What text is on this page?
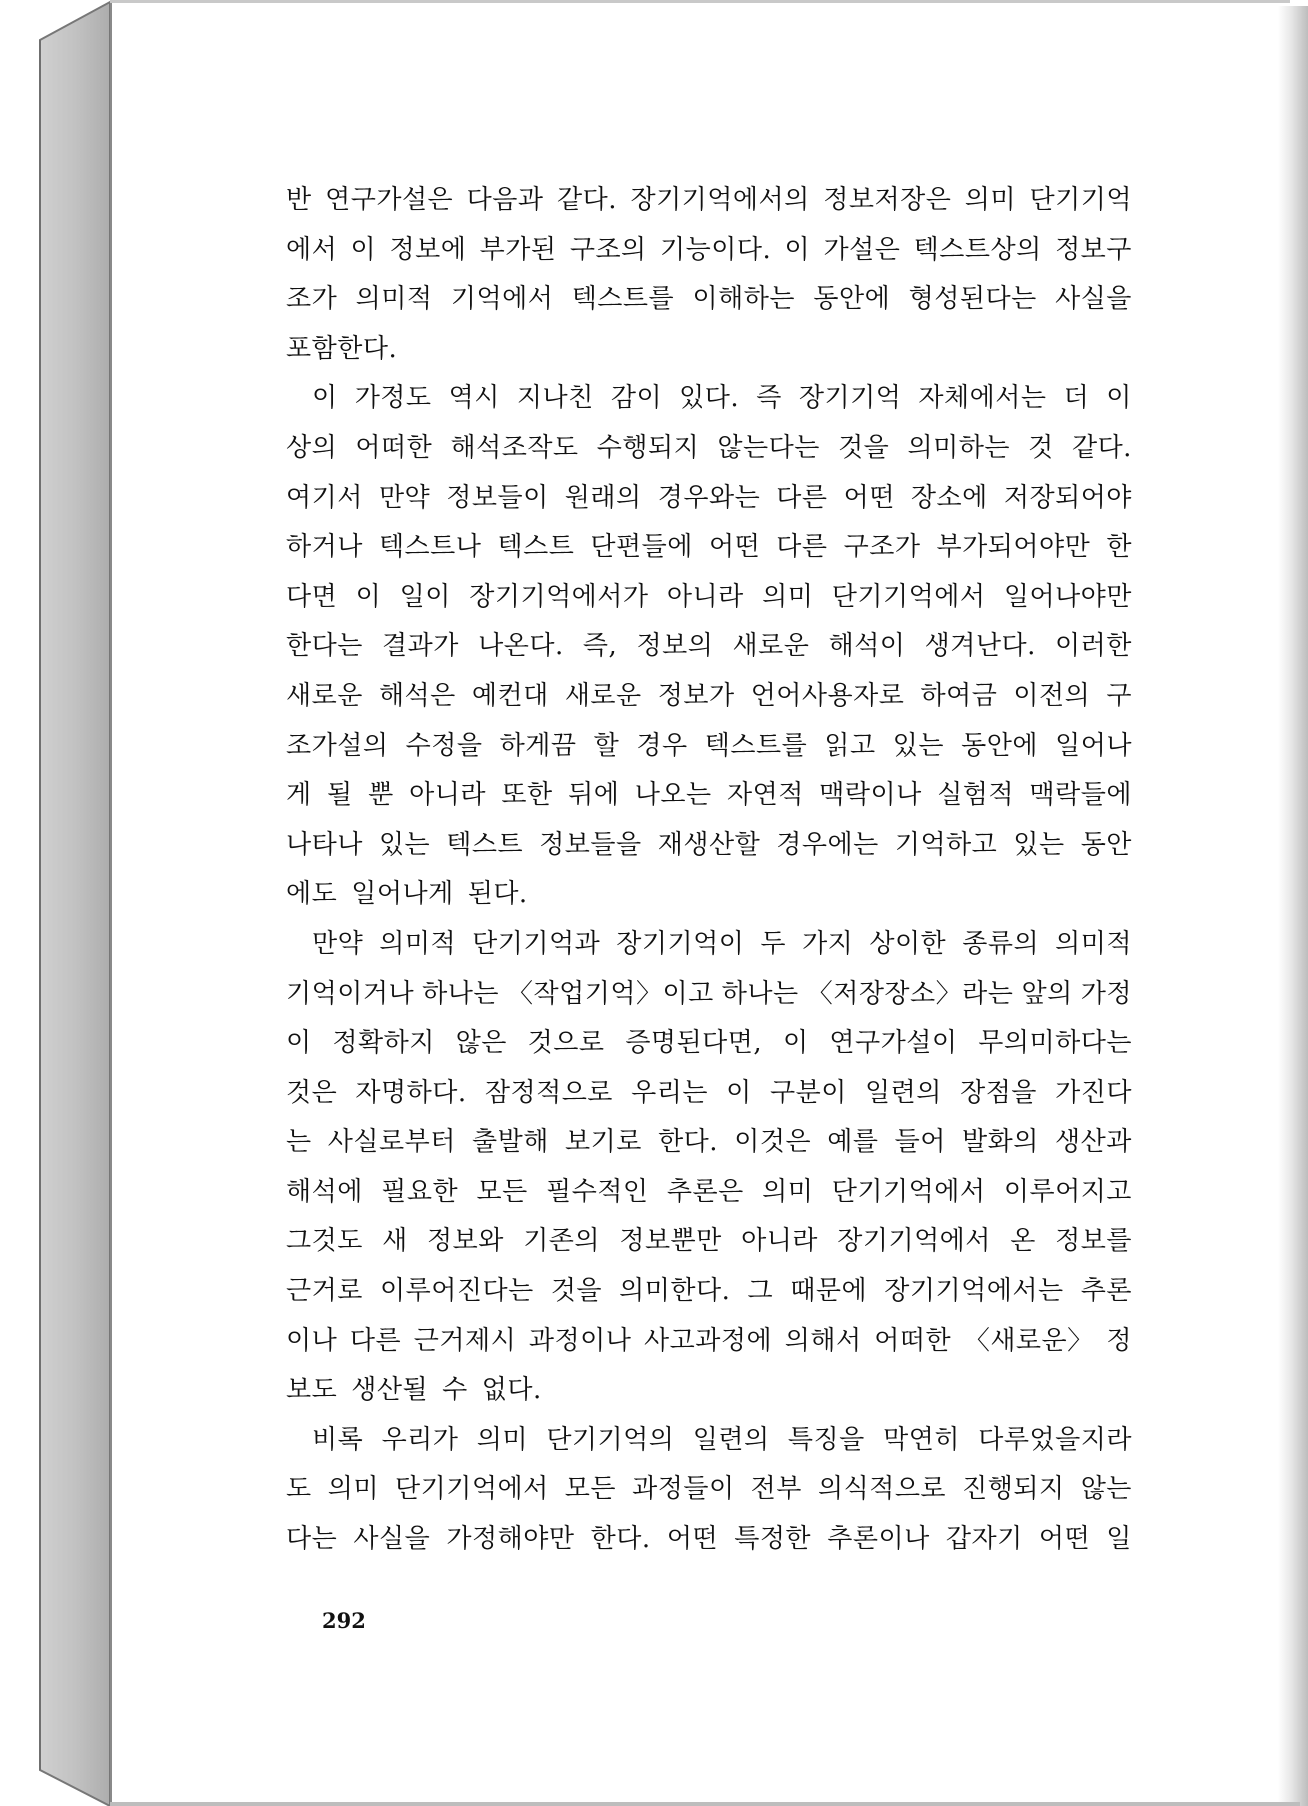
반 연구가설은 다음과 같다. 장기기억에서의 정보저장은 의미 단기기억
에서 이 정보에 부가된 구조의 기능이다. 이 가설은 텍스트상의 정보구
조가 의미적 기억에서 텍스트를 이해하는 동안에 형성된다는 사실을
포함한다.
이 가정도 역시 지나친 감이 있다. 즉 장기기억 자체에서는 더 이
상의 어떠한 해석조작도 수행되지 않는다는 것을 의미하는 것 같다.
여기서 만약 정보들이 원래의 경우와는 다른 어떤 장소에 저장되어야
하거나 텍스트나 텍스트 단편들에 어떤 다른 구조가 부가되어야만 한
다면 이 일이 장기기억에서가 아니라 의미 단기기억에서 일어나야만
한다는 결과가 나온다. 즉, 정보의 새로운 해석이 생겨난다. 이러한
새로운 해석은 예컨대 새로운 정보가 언어사용자로 하여금 이전의 구
조가설의 수정을 하게끔 할 경우 텍스트를 읽고 있는 동안에 일어나
게 될 뿐 아니라 또한 뒤에 나오는 자연적 맥락이나 실험적 맥락들에
나타나 있는 텍스트 정보들을 재생산할 경우에는 기억하고 있는 동안
에도 일어나게 된다.
만약 의미적 단기기억과 장기기억이 두 가지 상이한 종류의 의미적
기억이거나 하나는 〈작업기억〉이고 하나는 〈저장장소〉라는 앞의 가정
이 정확하지 않은 것으로 증명된다면, 이 연구가설이 무의미하다는
것은 자명하다. 잠정적으로 우리는 이 구분이 일련의 장점을 가진다
는 사실로부터 출발해 보기로 한다. 이것은 예를 들어 발화의 생산과
해석에 필요한 모든 필수적인 추론은 의미 단기기억에서 이루어지고
그것도 새 정보와 기존의 정보뿐만 아니라 장기기억에서 온 정보를
근거로 이루어진다는 것을 의미한다. 그 때문에 장기기억에서는 추론
이나 다른 근거제시 과정이나 사고과정에 의해서 어떠한 〈새로운〉 정
보도 생산될 수 없다.
비록 우리가 의미 단기기억의 일련의 특징을 막연히 다루었을지라
도 의미 단기기억에서 모든 과정들이 전부 의식적으로 진행되지 않는
다는 사실을 가정해야만 한다. 어떤 특정한 추론이나 갑자기 어떤 일
292
